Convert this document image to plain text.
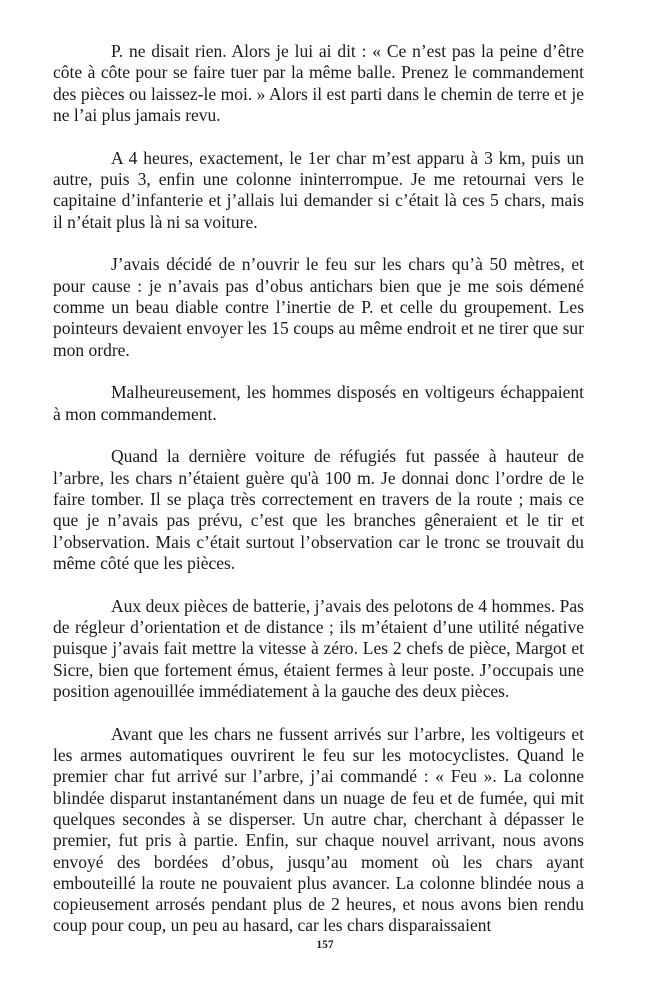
P. ne disait rien. Alors je lui ai dit : « Ce n’est pas la peine d’être côte à côte pour se faire tuer par la même balle. Prenez le commandement des pièces ou laissez-le moi. » Alors il est parti dans le chemin de terre et je ne l’ai plus jamais revu.

A 4 heures, exactement, le 1er char m’est apparu à 3 km, puis un autre, puis 3, enfin une colonne ininterrompue. Je me retournai vers le capitaine d’infanterie et j’allais lui demander si c’était là ces 5 chars, mais il n’était plus là ni sa voiture.

J’avais décidé de n’ouvrir le feu sur les chars qu’à 50 mètres, et pour cause : je n’avais pas d’obus antichars bien que je me sois démené comme un beau diable contre l’inertie de P. et celle du groupement. Les pointeurs devaient envoyer les 15 coups au même endroit et ne tirer que sur mon ordre.

Malheureusement, les hommes disposés en voltigeurs échappaient à mon commandement.

Quand la dernière voiture de réfugiés fut passée à hauteur de l’arbre, les chars n’étaient guère qu'à 100 m. Je donnai donc l’ordre de le faire tomber. Il se plaça très correctement en travers de la route ; mais ce que je n’avais pas prévu, c’est que les branches gêneraient et le tir et l’observation. Mais c’était surtout l’observation car le tronc se trouvait du même côté que les pièces.

Aux deux pièces de batterie, j’avais des pelotons de 4 hommes. Pas de régleur d’orientation et de distance ; ils m’étaient d’une utilité négative puisque j’avais fait mettre la vitesse à zéro. Les 2 chefs de pièce, Margot et Sicre, bien que fortement émus, étaient fermes à leur poste. J’occupais une position agenouillée immédiatement à la gauche des deux pièces.

Avant que les chars ne fussent arrivés sur l’arbre, les voltigeurs et les armes automatiques ouvrirent le feu sur les motocyclistes. Quand le premier char fut arrivé sur l’arbre, j’ai commandé : « Feu ». La colonne blindée disparut instantanément dans un nuage de feu et de fumée, qui mit quelques secondes à se disperser. Un autre char, cherchant à dépasser le premier, fut pris à partie. Enfin, sur chaque nouvel arrivant, nous avons envoyé des bordées d’obus, jusqu’au moment où les chars ayant embouteillé la route ne pouvaient plus avancer. La colonne blindée nous a copieusement arrosés pendant plus de 2 heures, et nous avons bien rendu coup pour coup, un peu au hasard, car les chars disparaissaient

157
